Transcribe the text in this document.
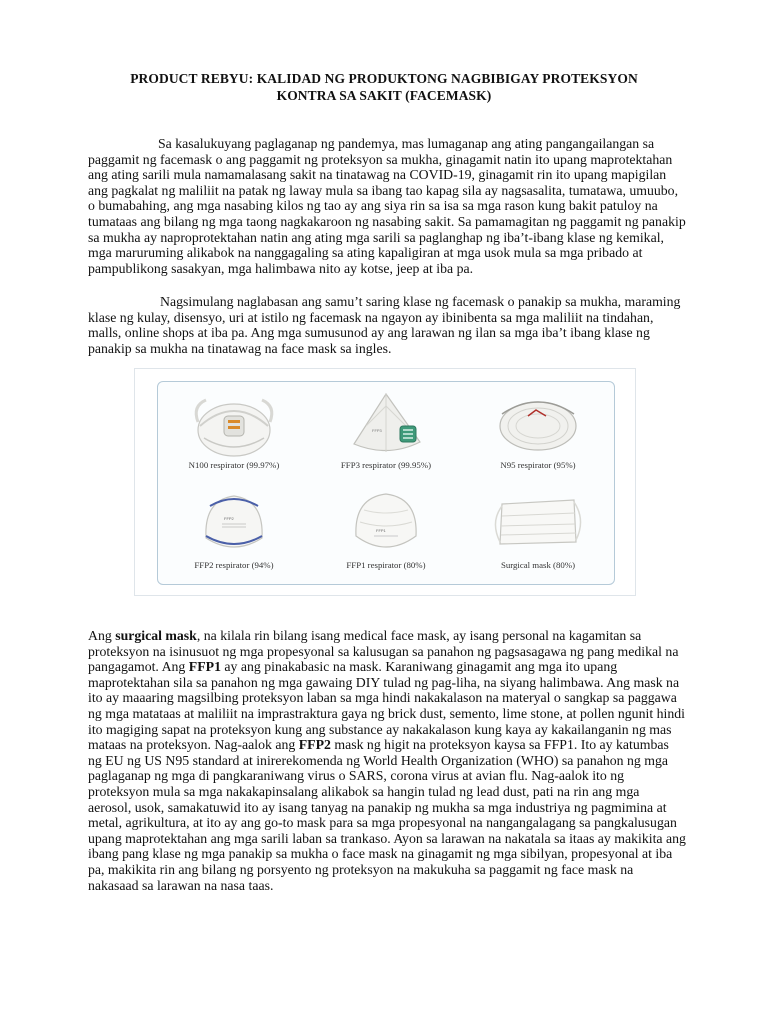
PRODUCT REBYU: KALIDAD NG PRODUKTONG NAGBIBIGAY PROTEKSYON
KONTRA SA SAKIT (FACEMASK)

Sa kasalukuyang paglaganap ng pandemya, mas lumaganap ang ating pangangailangan sa paggamit ng facemask o ang paggamit ng proteksyon sa mukha, ginagamit natin ito upang maprotektahan ang ating sarili mula namamalasang sakit na tinatawag na COVID-19, ginagamit rin ito upang mapigilan ang pagkalat ng maliliit na patak ng laway mula sa ibang tao kapag sila ay nagsasalita, tumatawa, umuubo, o bumabahing, ang mga nasabing kilos ng tao ay ang siya rin sa isa sa mga rason kung bakit patuloy na tumataas ang bilang ng mga taong nagkakaroon ng nasabing sakit. Sa pamamagitan ng paggamit ng panakip sa mukha ay naproprotektahan natin ang ating mga sarili sa paglanghap ng iba’t-ibang klase ng kemikal, mga maruruming alikabok na nanggagaling sa ating kapaligiran at mga usok mula sa mga pribado at pampublikong sasakyan, mga halimbawa nito ay kotse, jeep at iba pa.

Nagsimulang naglabasan ang samu’t saring klase ng facemask o panakip sa mukha, maraming klase ng kulay, disensyo, uri at istilo ng facemask na ngayon ay ibinibenta sa mga maliliit na tindahan, malls, online shops at iba pa. Ang mga sumusunod ay ang larawan ng ilan sa mga iba’t ibang klase ng panakip sa mukha na tinatawag na face mask sa ingles.

N100 respirator (99.97%)
FFP3
FFP3 respirator (99.95%)	N95 respirator (95%)
FFP2
FFP2 respirator (94%)
FFP1
FFP1 respirator (80%)	Surgical mask (80%)

Ang surgical mask, na kilala rin bilang isang medical face mask, ay isang personal na kagamitan sa proteksyon na isinusuot ng mga propesyonal sa kalusugan sa panahon ng pagsasagawa ng pang medikal na pangagamot. Ang FFP1 ay ang pinakabasic na mask. Karaniwang ginagamit ang mga ito upang maprotektahan sila sa panahon ng mga gawaing DIY tulad ng pag-liha, na siyang halimbawa. Ang mask na ito ay maaaring magsilbing proteksyon laban sa mga hindi nakakalason na materyal o sangkap sa paggawa ng mga matataas at maliliit na imprastraktura gaya ng brick dust, semento, lime stone, at pollen ngunit hindi ito magiging sapat na proteksyon kung ang substance ay nakakalason kung kaya ay kakailanganin ng mas mataas na proteksyon. Nag-aalok ang FFP2 mask ng higit na proteksyon kaysa sa FFP1. Ito ay katumbas ng EU ng US N95 standard at inirerekomenda ng World Health Organization (WHO) sa panahon ng mga paglaganap ng mga di pangkaraniwang virus o SARS, corona virus at avian flu. Nag-aalok ito ng proteksyon mula sa mga nakakapinsalang alikabok sa hangin tulad ng lead dust, pati na rin ang mga aerosol, usok, samakatuwid ito ay isang tanyag na panakip ng mukha sa mga industriya ng pagmimina at metal, agrikultura, at ito ay ang go-to mask para sa mga propesyonal na nangangalagang sa pangkalusugan upang maprotektahan ang mga sarili laban sa trankaso. Ayon sa larawan na nakatala sa itaas ay makikita ang ibang pang klase ng mga panakip sa mukha o face mask na ginagamit ng mga sibilyan, propesyonal at iba pa, makikita rin ang bilang ng porsyento ng proteksyon na makukuha sa paggamit ng face mask na nakasaad sa larawan na nasa taas.
